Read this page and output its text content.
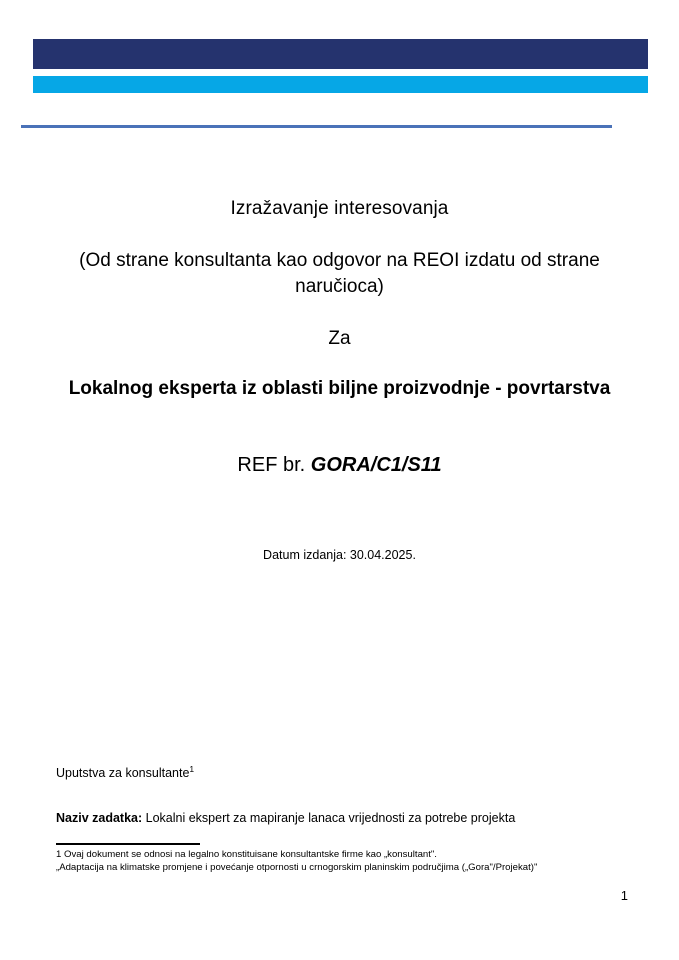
Izražavanje interesovanja
(Od strane konsultanta kao odgovor na REOI izdatu od strane naručioca)
Za
Lokalnog eksperta iz oblasti biljne proizvodnje - povrtarstva
REF br. GORA/C1/S11
Datum izdanja: 30.04.2025.
Uputstva za konsultante$^1$
Naziv zadatka: Lokalni ekspert za mapiranje lanaca vrijednosti za potrebe projekta
1 Ovaj dokument se odnosi na legalno konstituisane konsultantske firme kao „konsultant".
„Adaptacija na klimatske promjene i povećanje otpornosti u crnogorskim planinskim područjima („Gora"/Projekat)"
1
